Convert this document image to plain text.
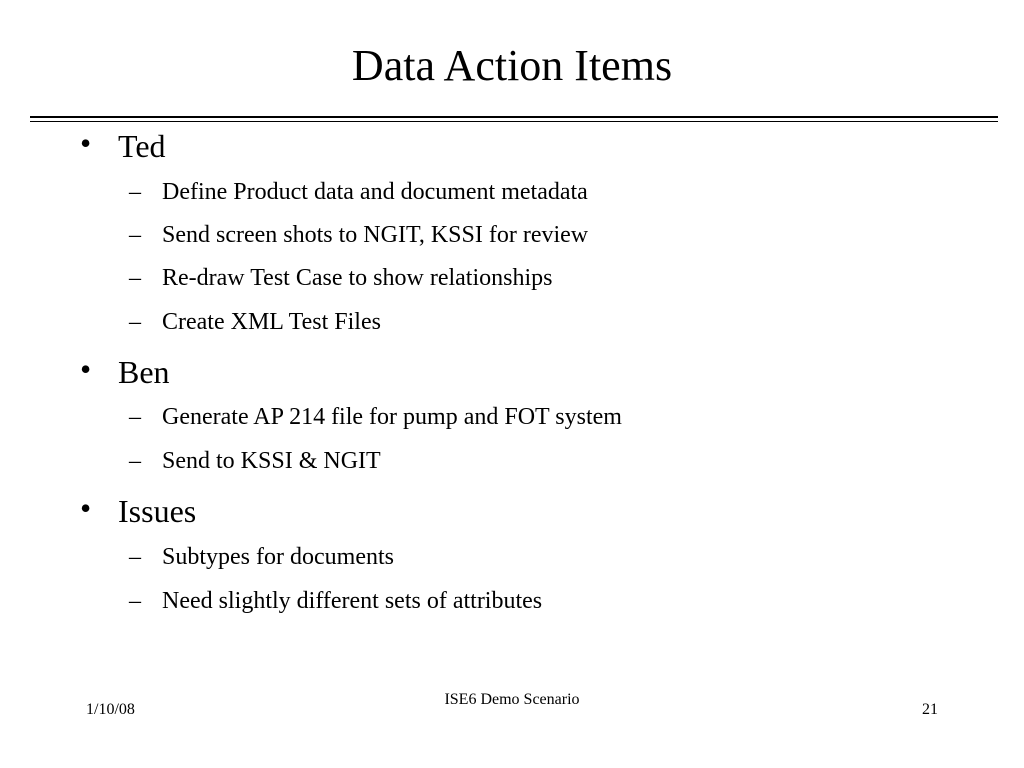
Data Action Items
• Ted
– Define Product data and document metadata
– Send screen shots to NGIT, KSSI for review
– Re-draw Test Case to show relationships
– Create XML Test Files
• Ben
– Generate AP 214 file for pump and FOT system
– Send to KSSI & NGIT
• Issues
– Subtypes for documents
– Need slightly different sets of attributes
1/10/08
ISE6 Demo Scenario
21
